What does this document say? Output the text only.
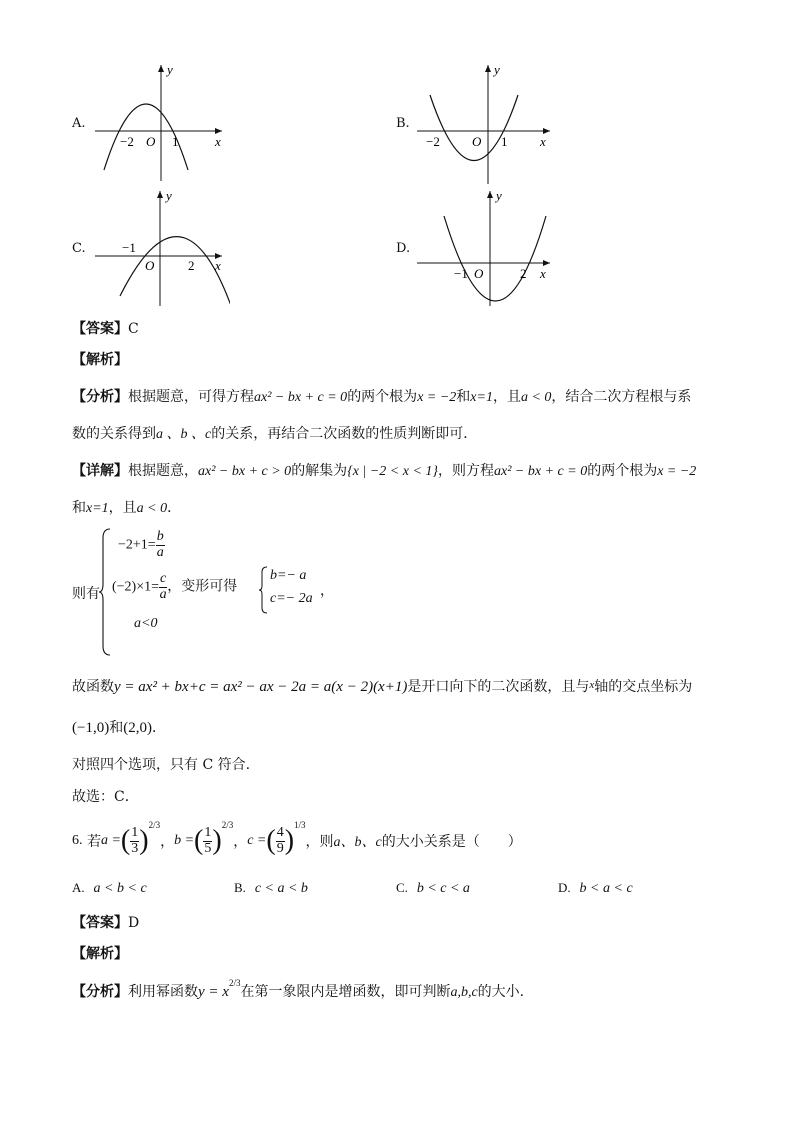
A.
y
x
−2 O 1
B.
y
x
−2 O 1
C.
y
x
−1
O	2
D.
y
x
−1 O	2
【答案】C
【解析】
【分析】根据题意，可得方程ax² − bx + c = 0的两个根为x = −2和x=1，且a < 0，结合二次方程根与系
数的关系得到a 、b 、c的关系，再结合二次函数的性质判断即可．
【详解】根据题意，ax² − bx + c > 0的解集为{x | −2 < x < 1}，则方程ax² − bx + c = 0的两个根为x = −2
和x=1，且a < 0．
则有
$-2+1= \frac{b}{a}$
$(-2)\times 1= \frac{c}{a}$ ，变形可得
a<0
b=− a
c=− 2a ，
故函数y = ax² + bx+c = ax² − ax − 2a = a(x − 2)(x+1)是开口向下的二次函数，且与$^x$轴的交点坐标为
(−1,0)和(2,0)．
对照四个选项，只有 C 符合.
故选：C．
6.
若 a = ( $\frac{1}{3}$ ) 2/3
， b = ( $\frac{1}{5}$ ) 2/3
， c = ( $\frac{4}{9}$ ) 1/3
，则 a、b、c 的大小关系是（　　）
A. a < b < c	B. c < a < b	C. b < c < a	D. b < a < c
【答案】D
【解析】
【分析】利用幂函数$y = x^{2/3}$在第一象限内是增函数，即可判断a,b,c的大小.
